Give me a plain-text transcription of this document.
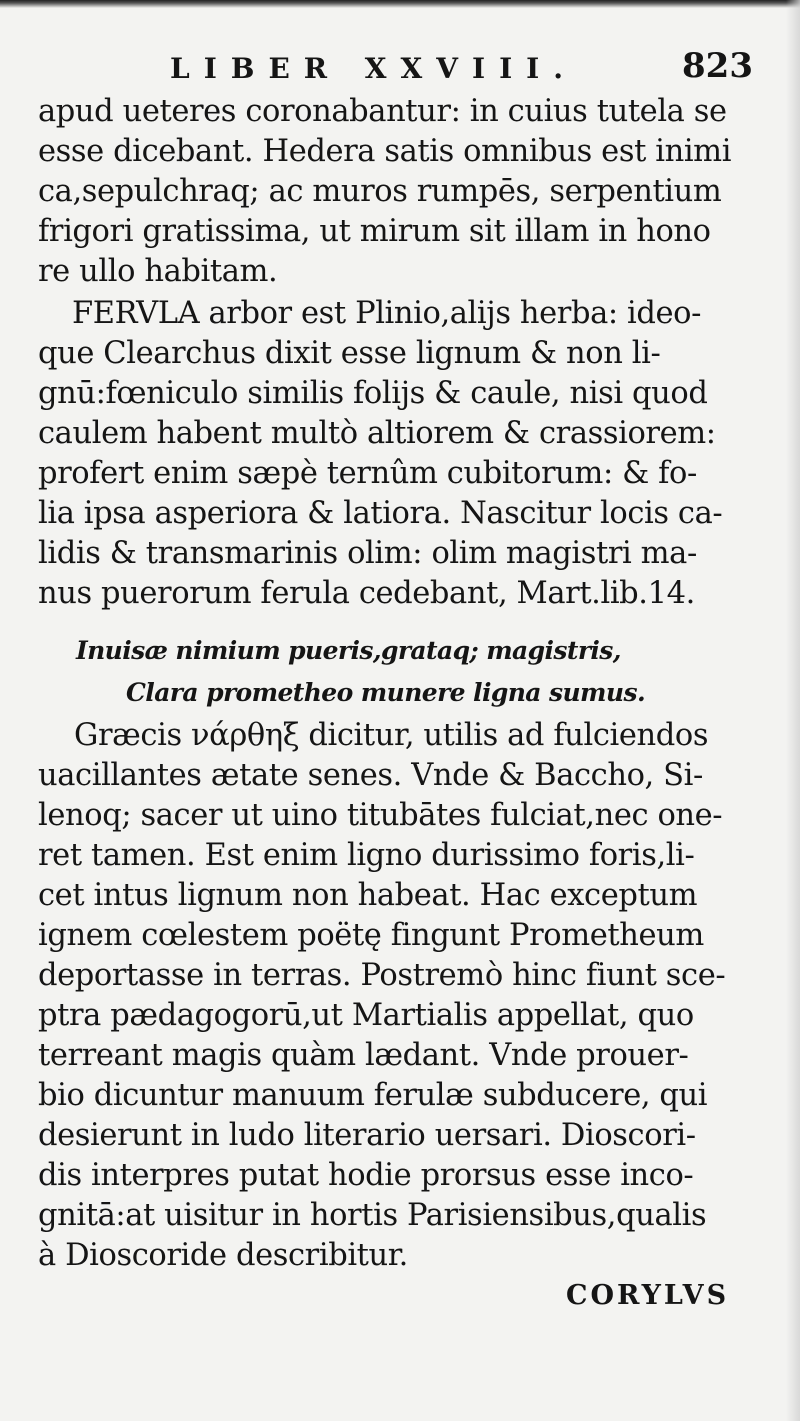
LIBER XXVIII.	823
apud ueteres coronabantur: in cuius tutela se
esse dicebant. Hedera satis omnibus est inimi
ca,sepulchraq; ac muros rumpēs, serpentium
frigori gratissima, ut mirum sit illam in hono
re ullo habitam.
FERVLA arbor est Plinio,alijs herba: ideo-
que Clearchus dixit esse lignum & non li-
gnū:fœniculo similis folijs & caule, nisi quod
caulem habent multò altiorem & crassiorem:
profert enim sæpè ternûm cubitorum: & fo-
lia ipsa asperiora & latiora. Nascitur locis ca-
lidis & transmarinis olim: olim magistri ma-
nus puerorum ferula cedebant, Mart.lib.14.
Inuisæ nimium pueris,grataq; magistris,
Clara prometheo munere ligna sumus.
Græcis νάρθηξ dicitur, utilis ad fulciendos
uacillantes ætate senes. Vnde & Baccho, Si-
lenoq; sacer ut uino titubātes fulciat,nec one-
ret tamen. Est enim ligno durissimo foris,li-
cet intus lignum non habeat. Hac exceptum
ignem cœlestem poëtę fingunt Prometheum
deportasse in terras. Postremò hinc fiunt sce-
ptra pædagogorū,ut Martialis appellat, quo
terreant magis quàm lædant. Vnde prouer-
bio dicuntur manuum ferulæ subducere, qui
desierunt in ludo literario uersari. Dioscori-
dis interpres putat hodie prorsus esse inco-
gnitā:at uisitur in hortis Parisiensibus,qualis
à Dioscoride describitur.
CORYLVS
